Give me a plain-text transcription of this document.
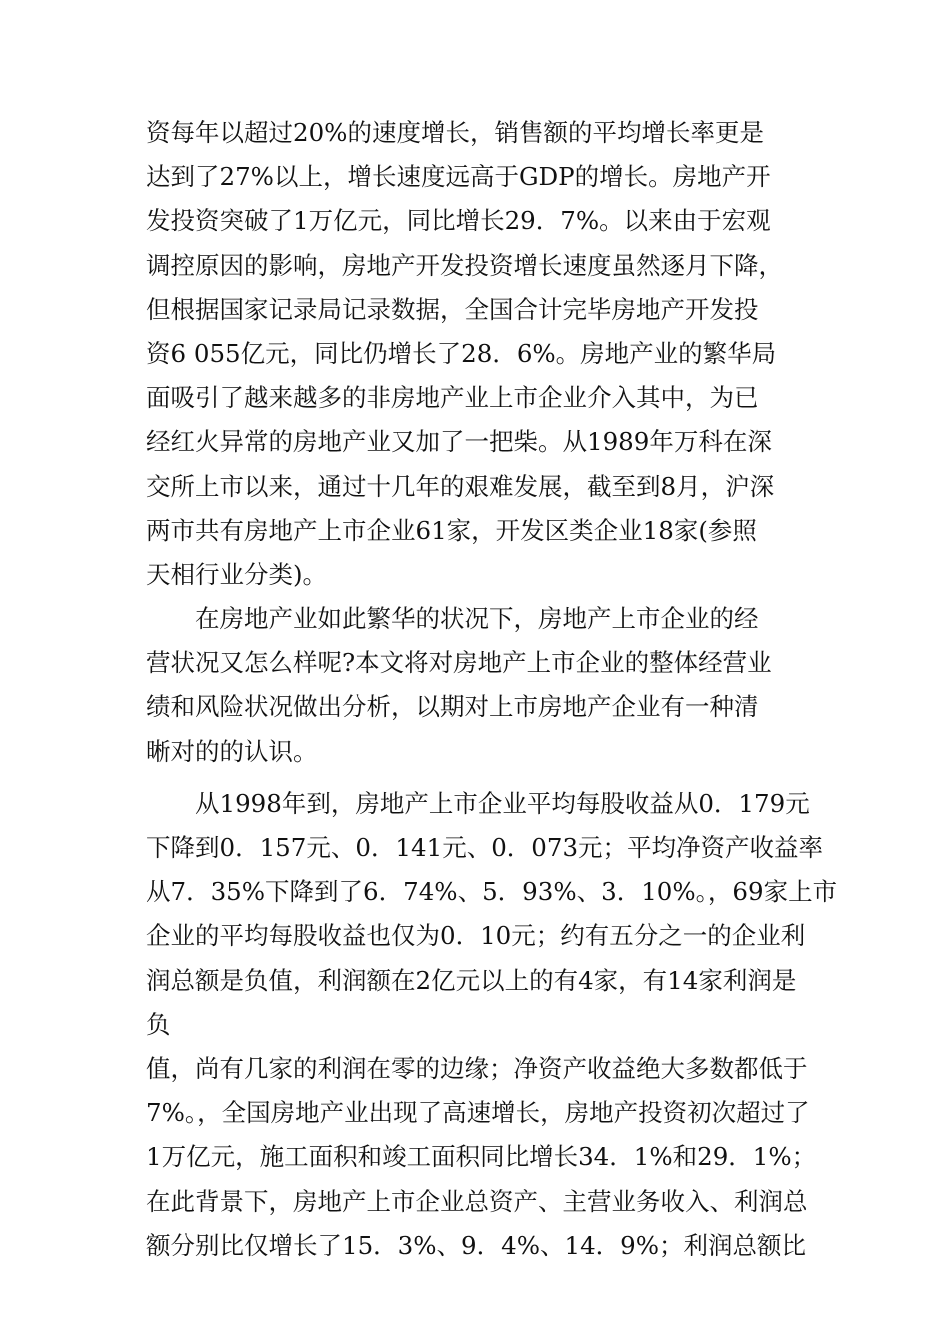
资每年以超过20%的速度增长，销售额的平均增长率更是
达到了27%以上，增长速度远高于GDP的增长。房地产开
发投资突破了1万亿元，同比增长29．7%。以来由于宏观
调控原因的影响，房地产开发投资增长速度虽然逐月下降，
但根据国家记录局记录数据，全国合计完毕房地产开发投
资6 055亿元，同比仍增长了28．6%。房地产业的繁华局
面吸引了越来越多的非房地产业上市企业介入其中，为已
经红火异常的房地产业又加了一把柴。从1989年万科在深
交所上市以来，通过十几年的艰难发展，截至到8月，沪深
两市共有房地产上市企业61家，开发区类企业18家(参照
天相行业分类)。
　　在房地产业如此繁华的状况下，房地产上市企业的经
营状况又怎么样呢?本文将对房地产上市企业的整体经营业
绩和风险状况做出分析，以期对上市房地产企业有一种清
晰对的的认识。
　　从1998年到，房地产上市企业平均每股收益从0．179元
下降到0．157元、0．141元、0．073元；平均净资产收益率
从7．35%下降到了6．74%、5．93%、3．10%。，69家上市
企业的平均每股收益也仅为0．10元；约有五分之一的企业利
润总额是负值，利润额在2亿元以上的有4家，有14家利润是
负
值，尚有几家的利润在零的边缘；净资产收益绝大多数都低于
7%。，全国房地产业出现了高速增长，房地产投资初次超过了
1万亿元，施工面积和竣工面积同比增长34．1%和29．1%；
在此背景下，房地产上市企业总资产、主营业务收入、利润总
额分别比仅增长了15．3%、9．4%、14．9%；利润总额比
